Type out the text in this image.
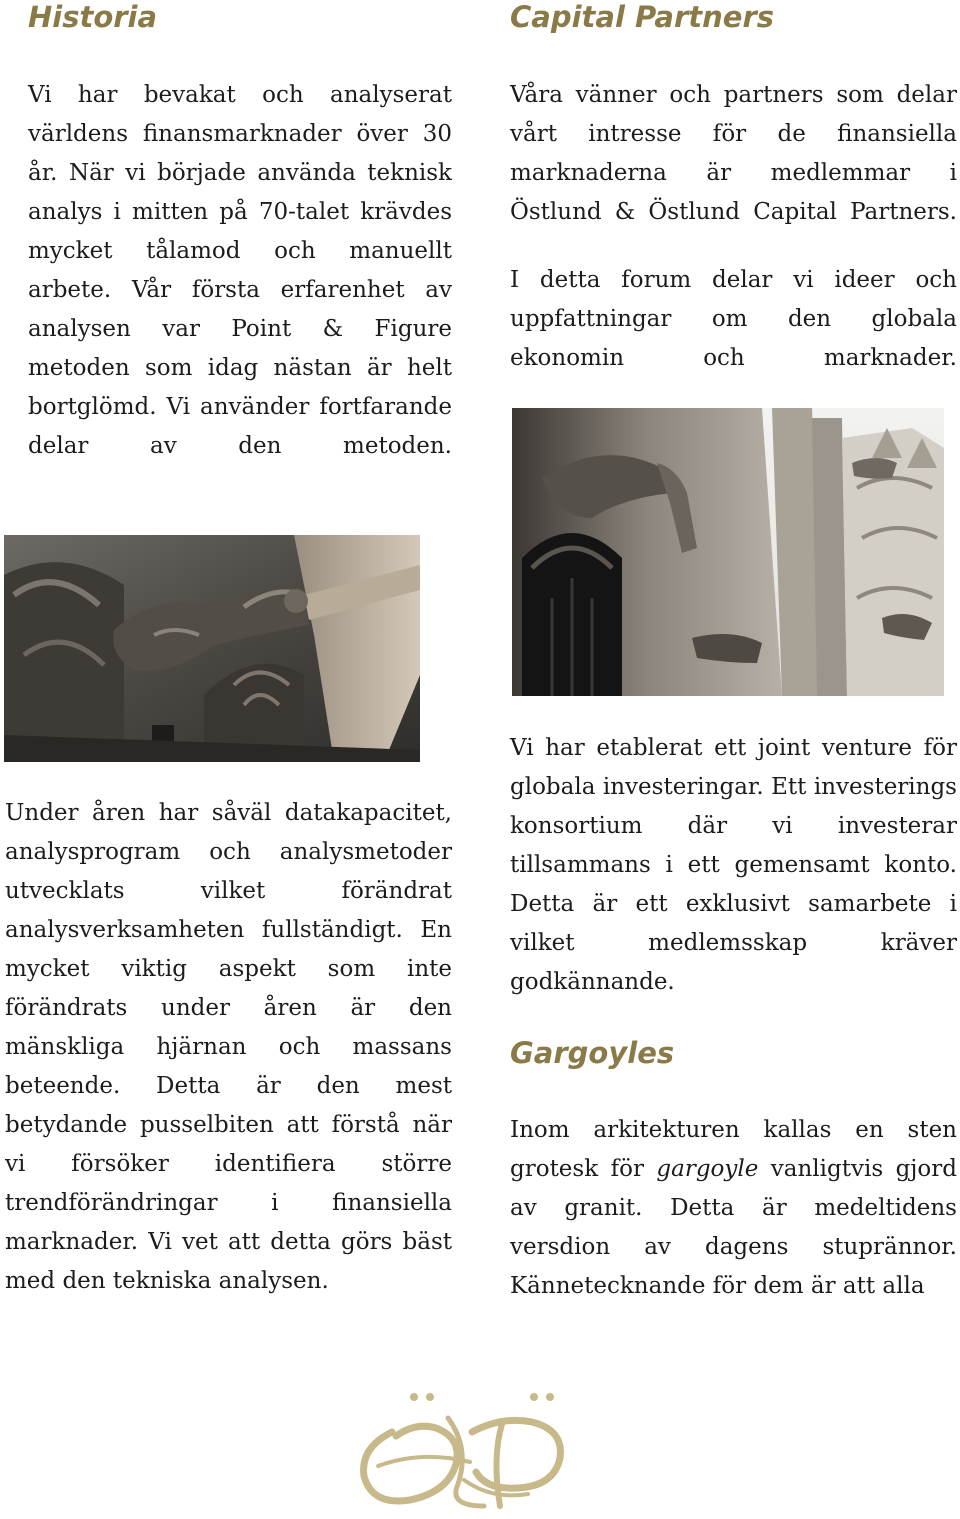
Historia

Vi har bevakat och analyserat världens finansmarknader över 30 år. När vi började använda teknisk analys i mitten på 70-talet krävdes mycket tålamod och manuellt arbete. Vår första erfarenhet av analysen var Point & Figure metoden som idag nästan är helt bortglömd. Vi använder fortfarande delar av den metoden.

Under åren har såväl datakapacitet, analysprogram och analysmetoder utvecklats vilket förändrat analysverksamheten fullständigt. En mycket viktig aspekt som inte förändrats under åren är den mänskliga hjärnan och massans beteende. Detta är den mest betydande pusselbiten att förstå när vi försöker identifiera större trendförändringar i finansiella marknader. Vi vet att detta görs bäst med den tekniska analysen.

Capital Partners

Våra vänner och partners som delar vårt intresse för de finansiella marknaderna är medlemmar i Östlund & Östlund Capital Partners.

I detta forum delar vi ideer och uppfattningar om den globala ekonomin och marknader.

Vi har etablerat ett joint venture för globala investeringar. Ett investerings konsortium där vi investerar tillsammans i ett gemensamt konto. Detta är ett exklusivt samarbete i vilket medlemsskap kräver godkännande.

Gargoyles

Inom arkitekturen kallas en sten grotesk för gargoyle vanligtvis gjord av granit. Detta är medeltidens versdion av dagens stuprännor. Kännetecknande för dem är att alla
